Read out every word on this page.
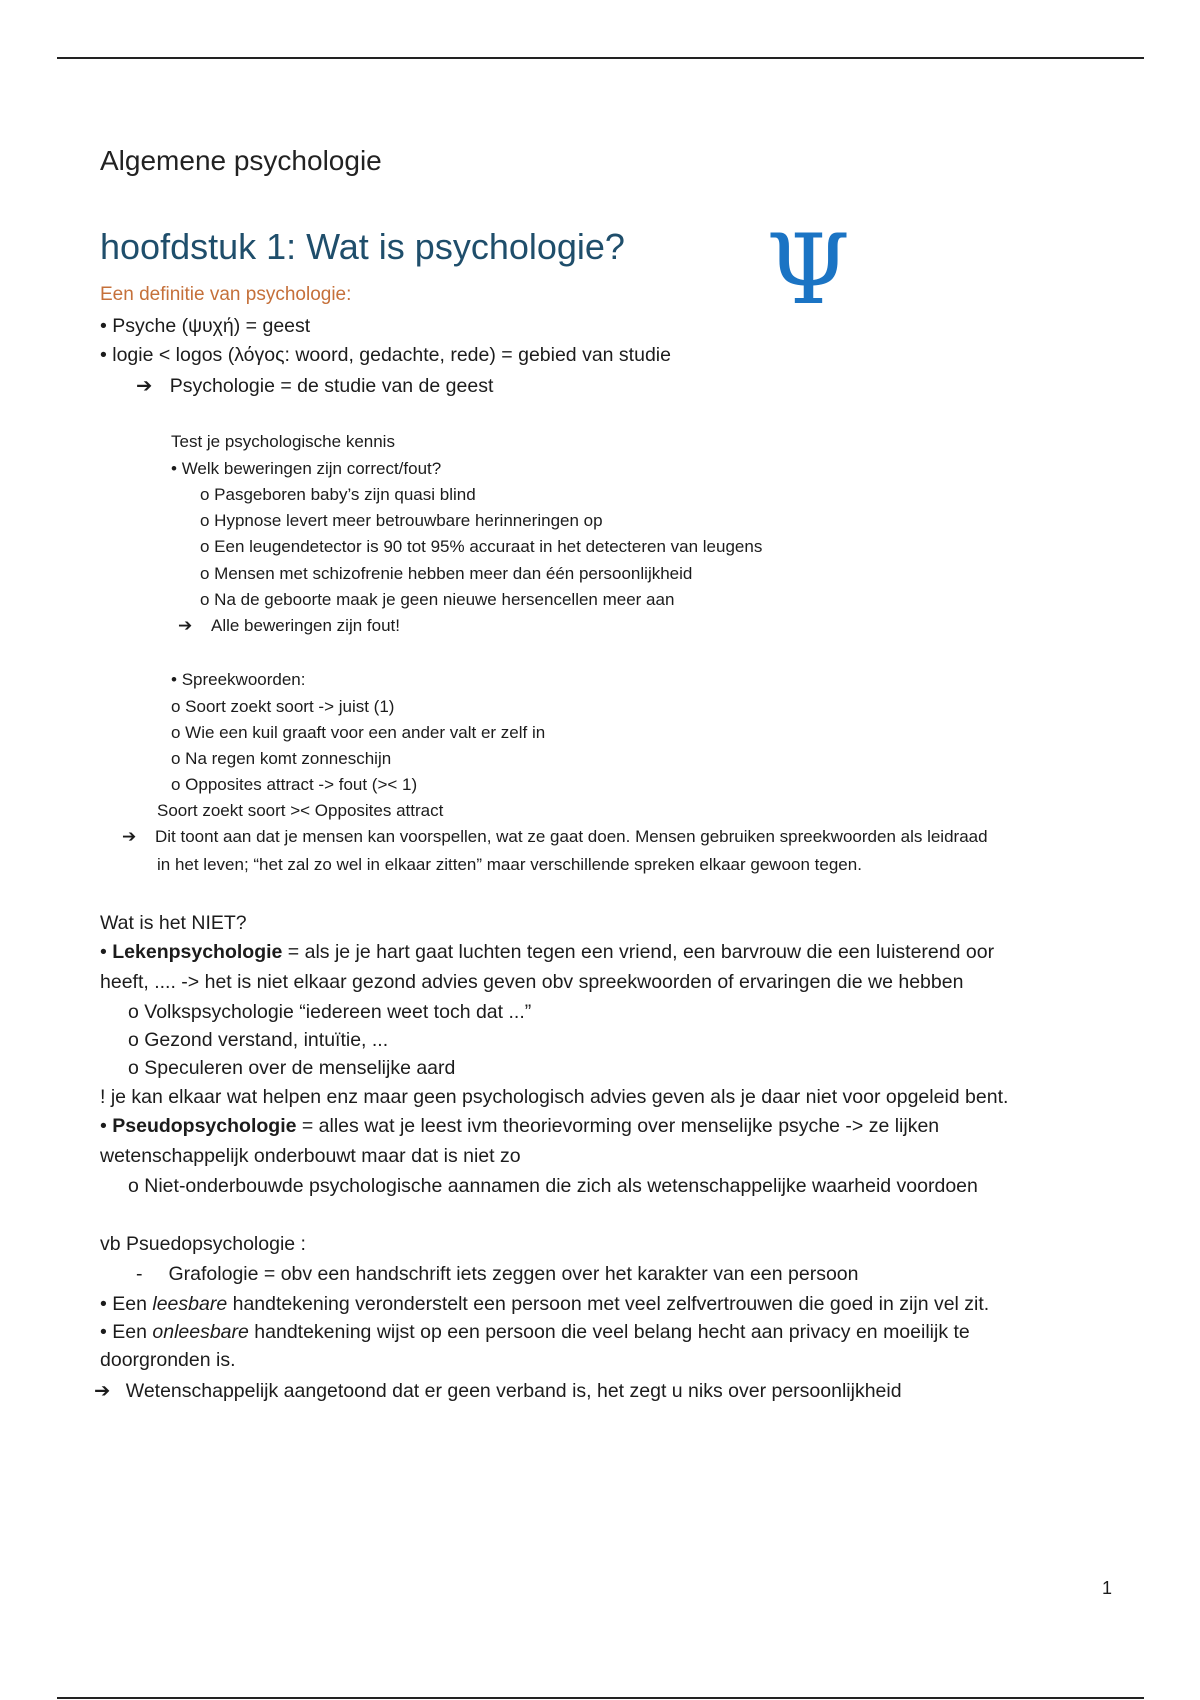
Algemene psychologie
hoofdstuk 1: Wat is psychologie? Ψ
Een definitie van psychologie:
• Psyche (ψυχή) = geest
• logie < logos (λόγος: woord, gedachte, rede) = gebied van studie
➔ Psychologie = de studie van de geest
Test je psychologische kennis
• Welk beweringen zijn correct/fout?
o Pasgeboren baby’s zijn quasi blind
o Hypnose levert meer betrouwbare herinneringen op
o Een leugendetector is 90 tot 95% accuraat in het detecteren van leugens
o Mensen met schizofrenie hebben meer dan één persoonlijkheid
o Na de geboorte maak je geen nieuwe hersencellen meer aan
➔ Alle beweringen zijn fout!
• Spreekwoorden:
o Soort zoekt soort -> juist (1)
o Wie een kuil graaft voor een ander valt er zelf in
o Na regen komt zonneschijn
o Opposites attract -> fout (>< 1)
Soort zoekt soort >< Opposites attract
➔ Dit toont aan dat je mensen kan voorspellen, wat ze gaat doen. Mensen gebruiken spreekwoorden als leidraad
in het leven; “het zal zo wel in elkaar zitten” maar verschillende spreken elkaar gewoon tegen.
Wat is het NIET?
• Lekenpsychologie = als je je hart gaat luchten tegen een vriend, een barvrouw die een luisterend oor
heeft, .... -> het is niet elkaar gezond advies geven obv spreekwoorden of ervaringen die we hebben
o Volkspsychologie “iedereen weet toch dat ...”
o Gezond verstand, intuïtie, ...
o Speculeren over de menselijke aard
! je kan elkaar wat helpen enz maar geen psychologisch advies geven als je daar niet voor opgeleid bent.
• Pseudopsychologie = alles wat je leest ivm theorievorming over menselijke psyche -> ze lijken
wetenschappelijk onderbouwt maar dat is niet zo
o Niet-onderbouwde psychologische aannamen die zich als wetenschappelijke waarheid voordoen
vb Psuedopsychologie :
- Grafologie = obv een handschrift iets zeggen over het karakter van een persoon
• Een leesbare handtekening veronderstelt een persoon met veel zelfvertrouwen die goed in zijn vel zit.
• Een onleesbare handtekening wijst op een persoon die veel belang hecht aan privacy en moeilijk te
doorgronden is.
➔ Wetenschappelijk aangetoond dat er geen verband is, het zegt u niks over persoonlijkheid
1
